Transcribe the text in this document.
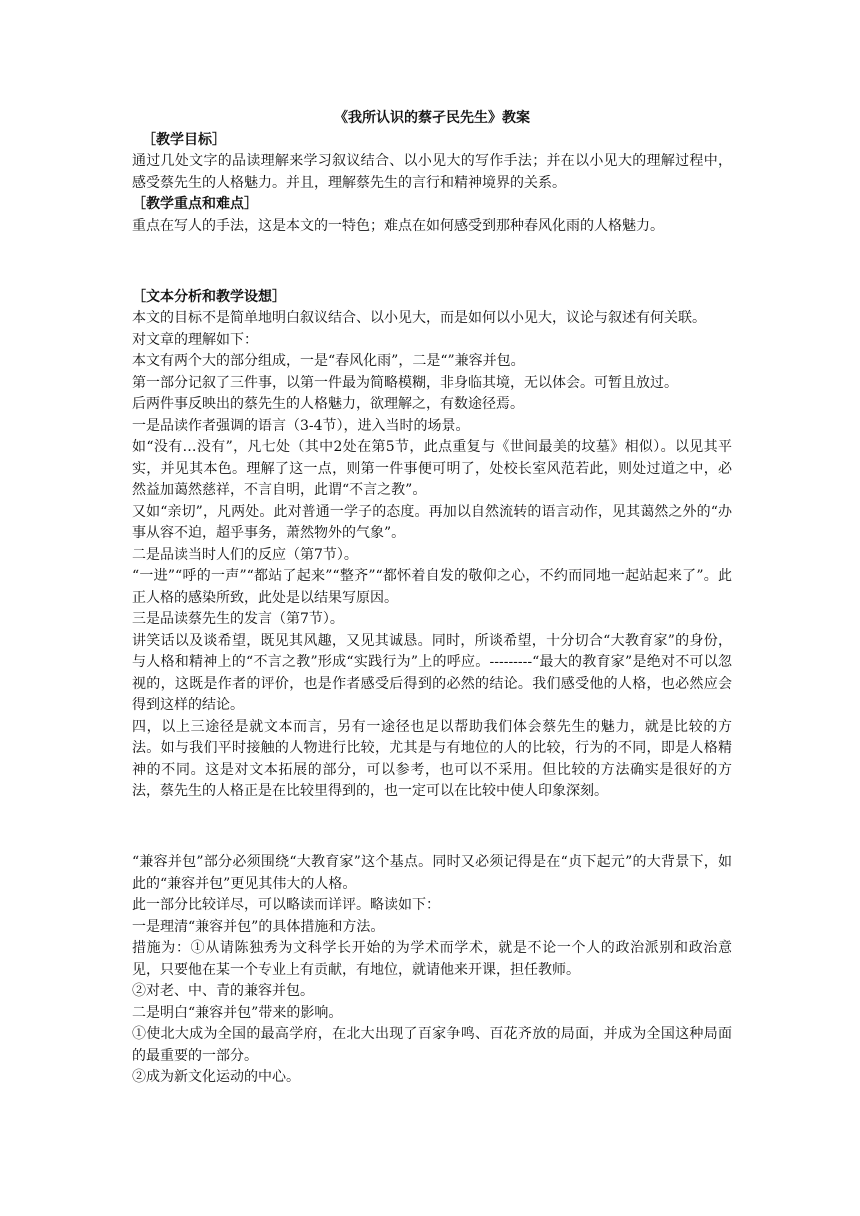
《我所认识的蔡孑民先生》教案

［教学目标］

通过几处文字的品读理解来学习叙议结合、以小见大的写作手法；并在以小见大的理解过程中，感受蔡先生的人格魅力。并且，理解蔡先生的言行和精神境界的关系。

［教学重点和难点］

重点在写人的手法，这是本文的一特色；难点在如何感受到那种春风化雨的人格魅力。

［文本分析和教学设想］

本文的目标不是简单地明白叙议结合、以小见大，而是如何以小见大，议论与叙述有何关联。

对文章的理解如下：

本文有两个大的部分组成，一是“春风化雨”，二是“”兼容并包。

第一部分记叙了三件事，以第一件最为简略模糊，非身临其境，无以体会。可暂且放过。

后两件事反映出的蔡先生的人格魅力，欲理解之，有数途径焉。

一是品读作者强调的语言（3-4节），进入当时的场景。

如“没有…没有”，凡七处（其中2处在第5节，此点重复与《世间最美的坟墓》相似）。以见其平实，并见其本色。理解了这一点，则第一件事便可明了，处校长室风范若此，则处过道之中，必然益加蔼然慈祥，不言自明，此谓“不言之教”。

又如“亲切”，凡两处。此对普通一学子的态度。再加以自然流转的语言动作，见其蔼然之外的“办事从容不迫，超乎事务，萧然物外的气象”。

二是品读当时人们的反应（第7节）。

“一进”“呼的一声”“都站了起来”“整齐”“都怀着自发的敬仰之心，不约而同地一起站起来了”。此正人格的感染所致，此处是以结果写原因。

三是品读蔡先生的发言（第7节）。

讲笑话以及谈希望，既见其风趣，又见其诚恳。同时，所谈希望，十分切合“大教育家”的身份，与人格和精神上的“不言之教”形成“实践行为”上的呼应。---------“最大的教育家”是绝对不可以忽视的，这既是作者的评价，也是作者感受后得到的必然的结论。我们感受他的人格，也必然应会得到这样的结论。

四，以上三途径是就文本而言，另有一途径也足以帮助我们体会蔡先生的魅力，就是比较的方法。如与我们平时接触的人物进行比较，尤其是与有地位的人的比较，行为的不同，即是人格精神的不同。这是对文本拓展的部分，可以参考，也可以不采用。但比较的方法确实是很好的方法，蔡先生的人格正是在比较里得到的，也一定可以在比较中使人印象深刻。

“兼容并包”部分必须围绕“大教育家”这个基点。同时又必须记得是在“贞下起元”的大背景下，如此的“兼容并包”更见其伟大的人格。

此一部分比较详尽，可以略读而详评。略读如下：

一是理清“兼容并包”的具体措施和方法。

措施为：①从请陈独秀为文科学长开始的为学术而学术，就是不论一个人的政治派别和政治意见，只要他在某一个专业上有贡献，有地位，就请他来开课，担任教师。

②对老、中、青的兼容并包。

二是明白“兼容并包”带来的影响。

①使北大成为全国的最高学府，在北大出现了百家争鸣、百花齐放的局面，并成为全国这种局面的最重要的一部分。

②成为新文化运动的中心。
